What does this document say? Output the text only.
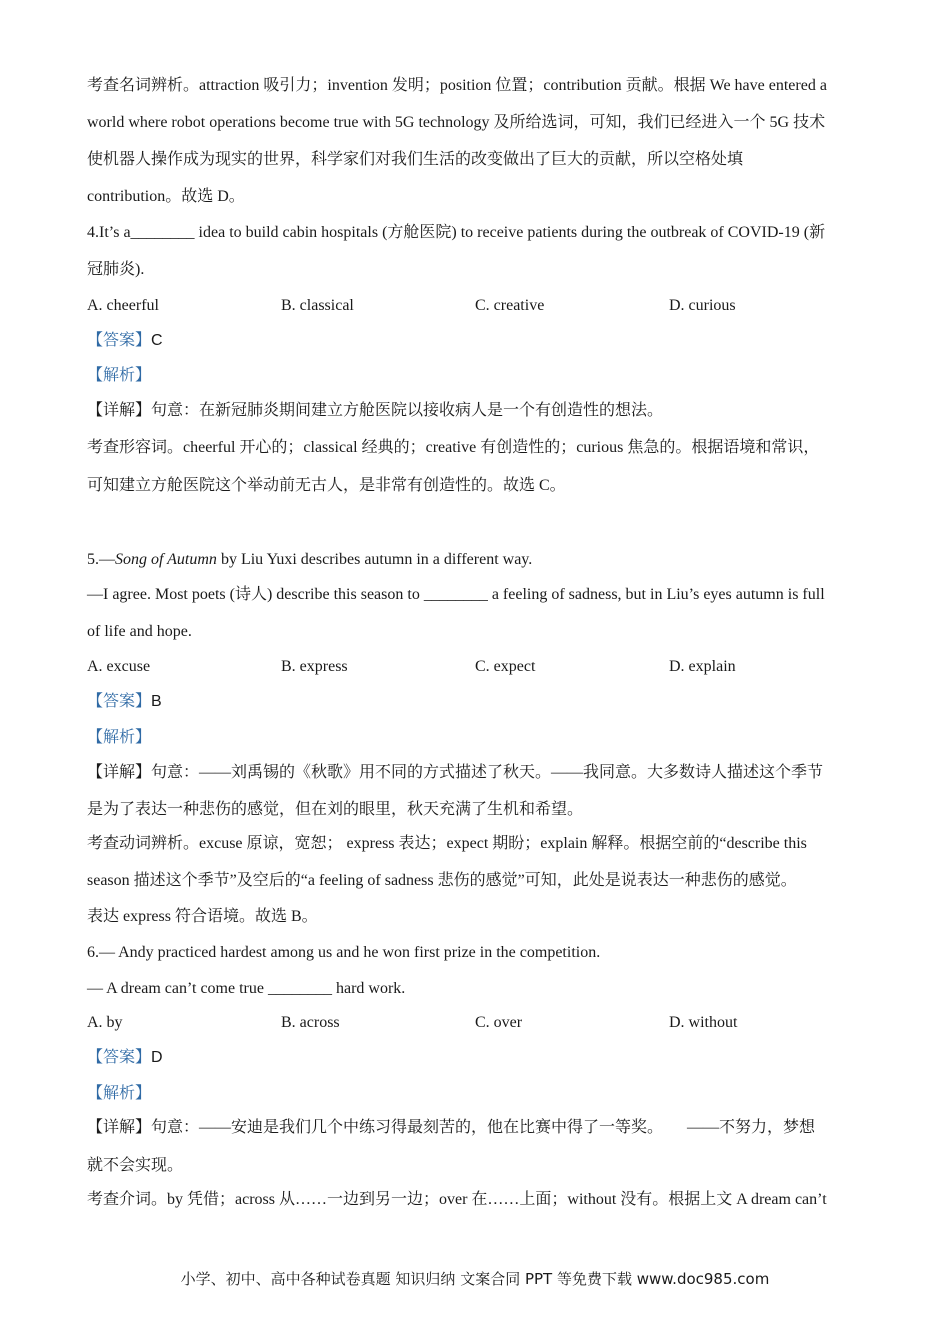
考查名词辨析。attraction 吸引力；invention 发明；position 位置；contribution 贡献。根据 We have entered a
world where robot operations become true with 5G technology 及所给选词，可知，我们已经进入一个 5G 技术
使机器人操作成为现实的世界，科学家们对我们生活的改变做出了巨大的贡献，所以空格处填
contribution。故选 D。
4.It’s a________ idea to build cabin hospitals (方舱医院) to receive patients during the outbreak of COVID-19 (新
冠肺炎).
A. cheerful	B. classical	C. creative	D. curious
【答案】C
【解析】
【详解】句意：在新冠肺炎期间建立方舱医院以接收病人是一个有创造性的想法。
考查形容词。cheerful 开心的；classical 经典的；creative 有创造性的；curious 焦急的。根据语境和常识，
可知建立方舱医院这个举动前无古人，是非常有创造性的。故选 C。
5.—Song of Autumn by Liu Yuxi describes autumn in a different way.
—I agree. Most poets (诗人) describe this season to ________ a feeling of sadness, but in Liu’s eyes autumn is full
of life and hope.
A. excuse	B. express	C. expect	D. explain
【答案】B
【解析】
【详解】句意：——刘禹锡的《秋歌》用不同的方式描述了秋天。——我同意。大多数诗人描述这个季节
是为了表达一种悲伤的感觉，但在刘的眼里，秋天充满了生机和希望。
考查动词辨析。excuse 原谅，宽恕； express 表达；expect 期盼；explain 解释。根据空前的“describe this
season 描述这个季节”及空后的“a feeling of sadness 悲伤的感觉”可知，此处是说表达一种悲伤的感觉。
表达 express 符合语境。故选 B。
6.— Andy practiced hardest among us and he won first prize in the competition.
— A dream can’t come true ________ hard work.
A. by	B. across	C. over	D. without
【答案】D
【解析】
【详解】句意：——安迪是我们几个中练习得最刻苦的，他在比赛中得了一等奖。　　——不努力，梦想
就不会实现。
考查介词。by 凭借；across 从……一边到另一边；over 在……上面；without 没有。根据上文 A dream can’t
小学、初中、高中各种试卷真题 知识归纳 文案合同 PPT 等免费下载 www.doc985.com
